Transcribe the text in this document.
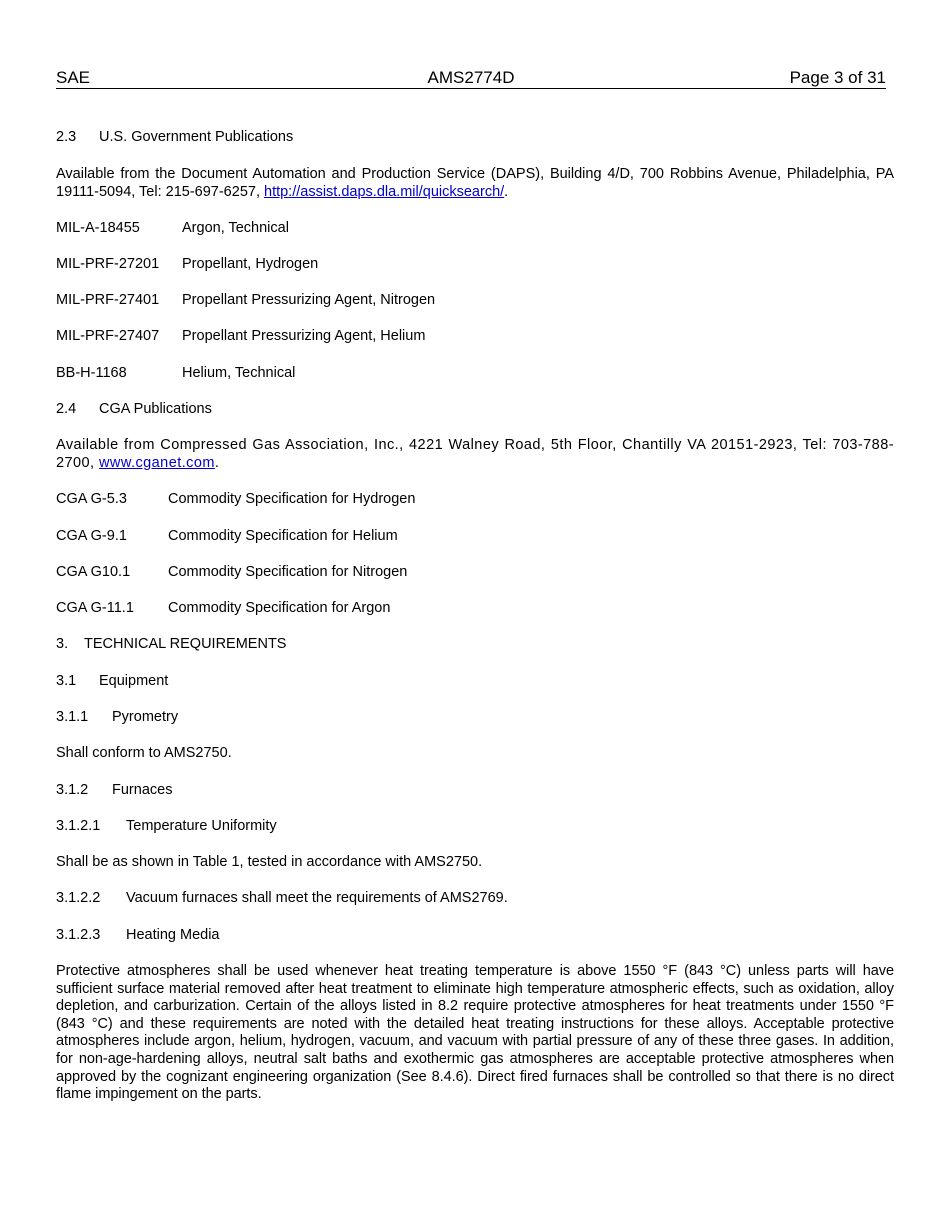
SAE	AMS2774D	Page 3 of 31
2.3 U.S. Government Publications
Available from the Document Automation and Production Service (DAPS), Building 4/D, 700 Robbins Avenue, Philadelphia, PA 19111-5094, Tel: 215-697-6257, http://assist.daps.dla.mil/quicksearch/.
MIL-A-18455	Argon, Technical
MIL-PRF-27201 Propellant, Hydrogen
MIL-PRF-27401 Propellant Pressurizing Agent, Nitrogen
MIL-PRF-27407 Propellant Pressurizing Agent, Helium
BB-H-1168	Helium, Technical
2.4 CGA Publications
Available from Compressed Gas Association, Inc., 4221 Walney Road, 5th Floor, Chantilly VA 20151-2923, Tel: 703-788-2700, www.cganet.com.
CGA G-5.3	Commodity Specification for Hydrogen
CGA G-9.1	Commodity Specification for Helium
CGA G10.1	Commodity Specification for Nitrogen
CGA G-11.1 Commodity Specification for Argon
3. TECHNICAL REQUIREMENTS
3.1 Equipment
3.1.1 Pyrometry
Shall conform to AMS2750.
3.1.2 Furnaces
3.1.2.1 Temperature Uniformity
Shall be as shown in Table 1, tested in accordance with AMS2750.
3.1.2.2 Vacuum furnaces shall meet the requirements of AMS2769.
3.1.2.3 Heating Media
Protective atmospheres shall be used whenever heat treating temperature is above 1550 °F (843 °C) unless parts will have sufficient surface material removed after heat treatment to eliminate high temperature atmospheric effects, such as oxidation, alloy depletion, and carburization. Certain of the alloys listed in 8.2 require protective atmospheres for heat treatments under 1550 °F (843 °C) and these requirements are noted with the detailed heat treating instructions for these alloys. Acceptable protective atmospheres include argon, helium, hydrogen, vacuum, and vacuum with partial pressure of any of these three gases. In addition, for non-age-hardening alloys, neutral salt baths and exothermic gas atmospheres are acceptable protective atmospheres when approved by the cognizant engineering organization (See 8.4.6). Direct fired furnaces shall be controlled so that there is no direct flame impingement on the parts.
